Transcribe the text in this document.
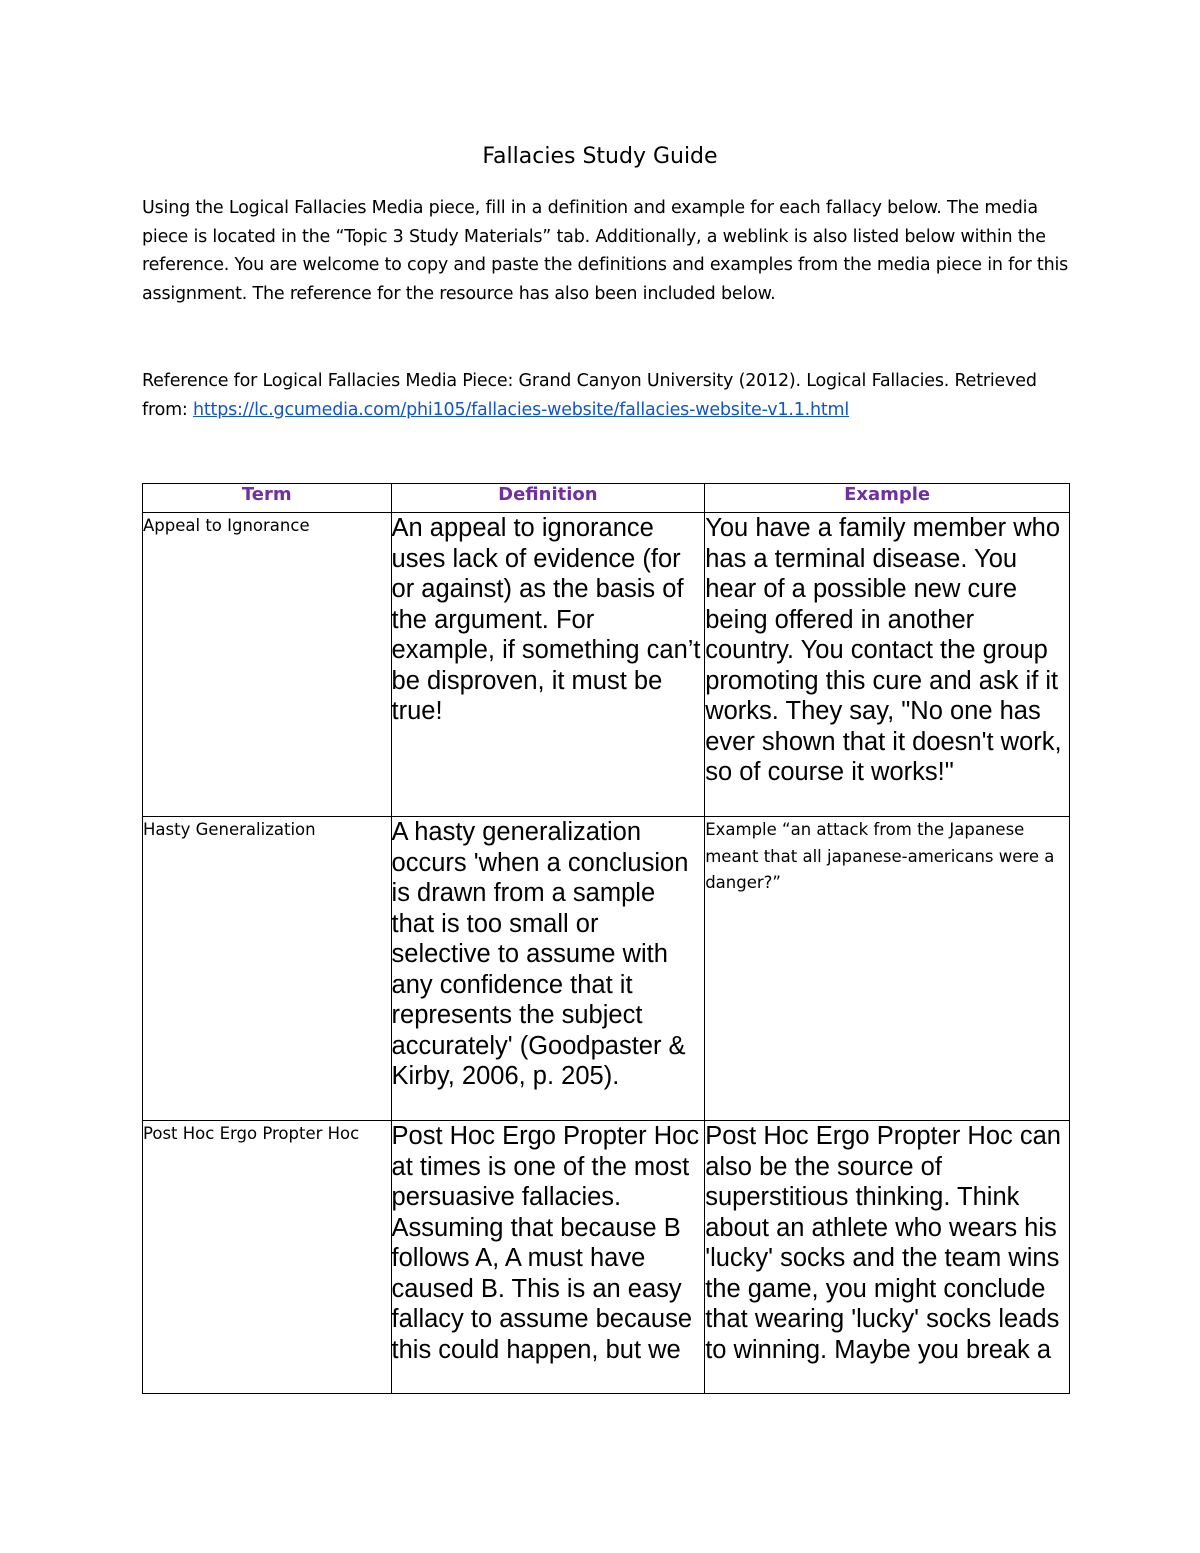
Fallacies Study Guide
Using the Logical Fallacies Media piece, fill in a definition and example for each fallacy below. The media piece is located in the “Topic 3 Study Materials” tab. Additionally, a weblink is also listed below within the reference. You are welcome to copy and paste the definitions and examples from the media piece in for this assignment. The reference for the resource has also been included below.
Reference for Logical Fallacies Media Piece: Grand Canyon University (2012). Logical Fallacies. Retrieved from: https://lc.gcumedia.com/phi105/fallacies-website/fallacies-website-v1.1.html
Term	Definition	Example
Appeal to Ignorance	An appeal to ignorance uses lack of evidence (for or against) as the basis of the argument. For example, if something can’t be disproven, it must be true!	You have a family member who has a terminal disease. You hear of a possible new cure being offered in another country. You contact the group promoting this cure and ask if it works. They say, "No one has ever shown that it doesn't work, so of course it works!"
Hasty Generalization	A hasty generalization occurs 'when a conclusion is drawn from a sample that is too small or selective to assume with any confidence that it represents the subject accurately' (Goodpaster & Kirby, 2006, p. 205).	Example “an attack from the Japanese meant that all japanese-americans were a danger?”
Post Hoc Ergo Propter Hoc	Post Hoc Ergo Propter Hoc at times is one of the most persuasive fallacies. Assuming that because B follows A, A must have caused B. This is an easy fallacy to assume because this could happen, but we	Post Hoc Ergo Propter Hoc can also be the source of superstitious thinking. Think about an athlete who wears his 'lucky' socks and the team wins the game, you might conclude that wearing 'lucky' socks leads to winning. Maybe you break a
